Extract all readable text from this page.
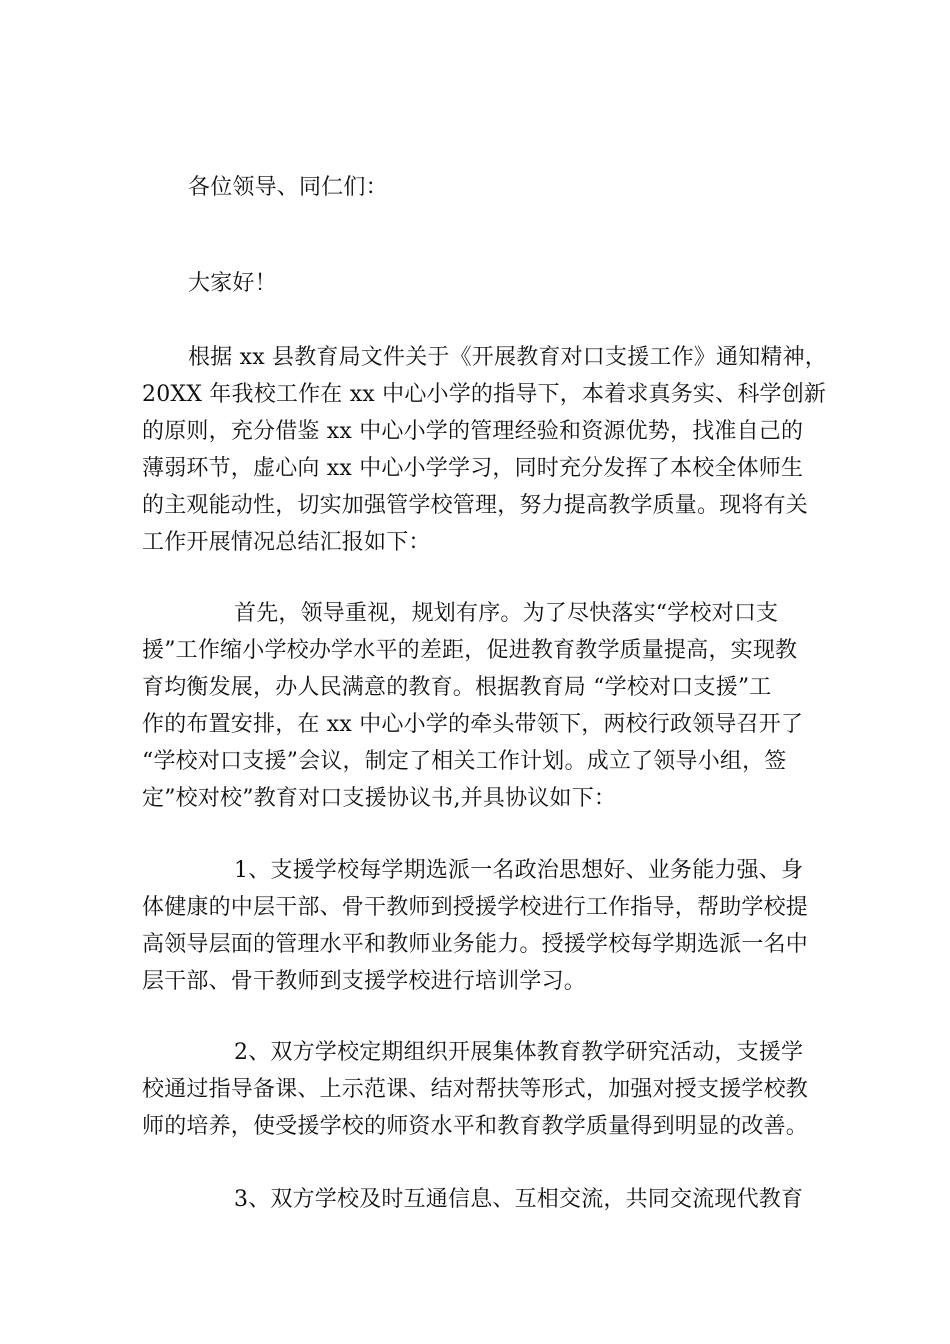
各位领导、同仁们：

大家好！

根据 xx 县教育局文件关于《开展教育对口支援工作》通知精神，

20XX 年我校工作在 xx 中心小学的指导下，本着求真务实、科学创新

的原则，充分借鉴 xx 中心小学的管理经验和资源优势，找准自己的

薄弱环节，虚心向 xx 中心小学学习，同时充分发挥了本校全体师生

的主观能动性，切实加强管学校管理，努力提高教学质量。现将有关

工作开展情况总结汇报如下：

首先，领导重视，规划有序。为了尽快落实“学校对口支

援”工作缩小学校办学水平的差距，促进教育教学质量提高，实现教

育均衡发展，办人民满意的教育。根据教育局 “学校对口支援”工

作的布置安排，在 xx 中心小学的牵头带领下，两校行政领导召开了

“学校对口支援”会议，制定了相关工作计划。成立了领导小组，签

定”校对校”教育对口支援协议书,并具协议如下：

1、支援学校每学期选派一名政治思想好、业务能力强、身

体健康的中层干部、骨干教师到授援学校进行工作指导，帮助学校提

高领导层面的管理水平和教师业务能力。授援学校每学期选派一名中

层干部、骨干教师到支援学校进行培训学习。

2、双方学校定期组织开展集体教育教学研究活动，支援学

校通过指导备课、上示范课、结对帮扶等形式，加强对授支援学校教

师的培养，使受援学校的师资水平和教育教学质量得到明显的改善。

3、双方学校及时互通信息、互相交流，共同交流现代教育
